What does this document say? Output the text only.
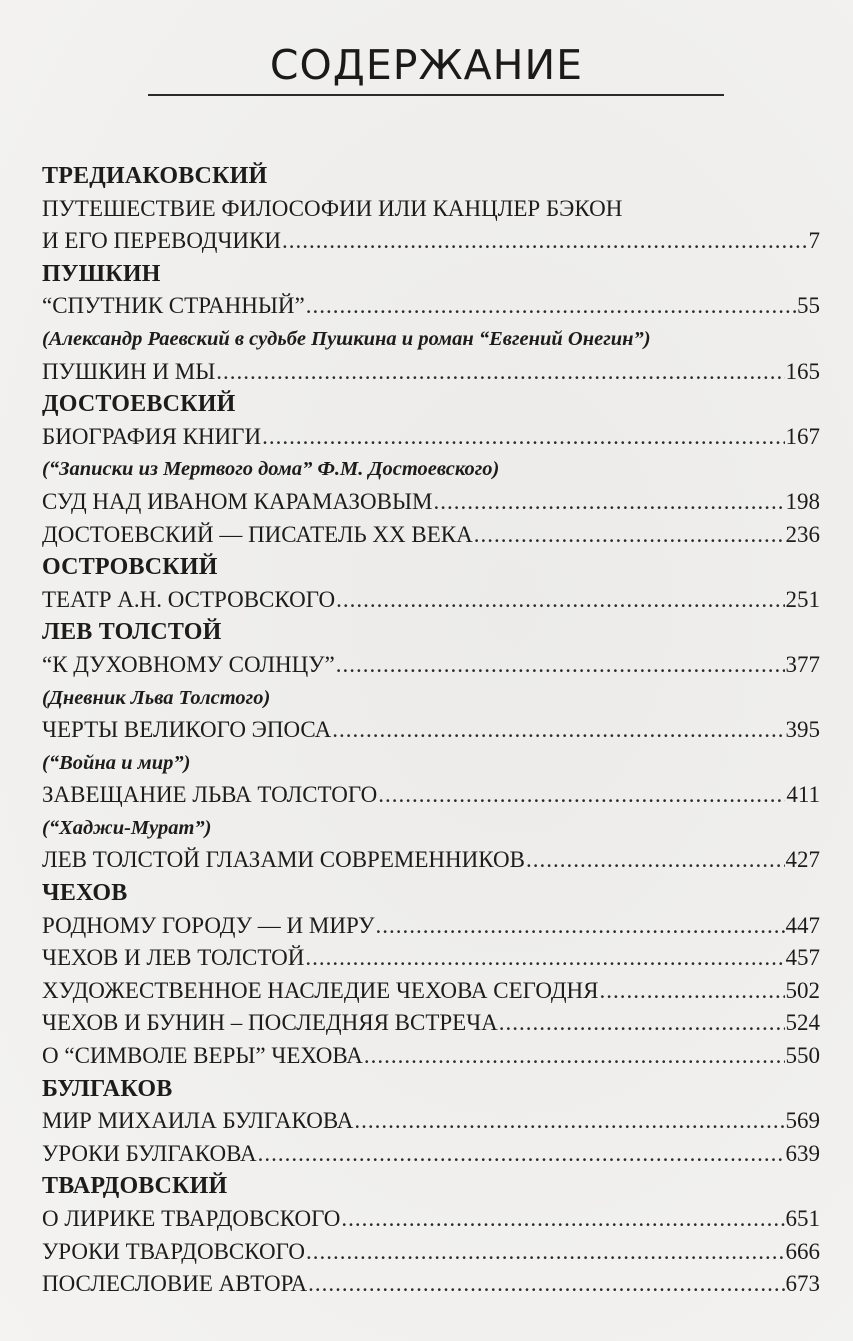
СОДЕРЖАНИЕ
ТРЕДИАКОВСКИЙ
ПУТЕШЕСТВИЕ ФИЛОСОФИИ ИЛИ КАНЦЛЕР БЭКОН
И ЕГО ПЕРЕВОДЧИКИ .....	7
ПУШКИН
“СПУТНИК СТРАННЫЙ” .....	55
(Александр Раевский в судьбе Пушкина и роман “Евгений Онегин”)
ПУШКИН И МЫ .....	165
ДОСТОЕВСКИЙ
БИОГРАФИЯ КНИГИ .....	167
(“Записки из Мертвого дома” Ф.М. Достоевского)
СУД НАД ИВАНОМ КАРАМАЗОВЫМ .....	198
ДОСТОЕВСКИЙ — ПИСАТЕЛЬ XX ВЕКА .....	236
ОСТРОВСКИЙ
ТЕАТР А.Н. ОСТРОВСКОГО .....	251
ЛЕВ ТОЛСТОЙ
“К ДУХОВНОМУ СОЛНЦУ” .....	377
(Дневник Льва Толстого)
ЧЕРТЫ ВЕЛИКОГО ЭПОСА .....	395
(“Война и мир”)
ЗАВЕЩАНИЕ ЛЬВА ТОЛСТОГО .....	411
(“Хаджи-Мурат”)
ЛЕВ ТОЛСТОЙ ГЛАЗАМИ СОВРЕМЕННИКОВ .....	427
ЧЕХОВ
РОДНОМУ ГОРОДУ — И МИРУ .....	447
ЧЕХОВ И ЛЕВ ТОЛСТОЙ .....	457
ХУДОЖЕСТВЕННОЕ НАСЛЕДИЕ ЧЕХОВА СЕГОДНЯ .....	502
ЧЕХОВ И БУНИН – ПОСЛЕДНЯЯ ВСТРЕЧА .....	524
О “СИМВОЛЕ ВЕРЫ” ЧЕХОВА .....	550
БУЛГАКОВ
МИР МИХАИЛА БУЛГАКОВА .....	569
УРОКИ БУЛГАКОВА .....	639
ТВАРДОВСКИЙ
О ЛИРИКЕ ТВАРДОВСКОГО .....	651
УРОКИ ТВАРДОВСКОГО .....	666
ПОСЛЕСЛОВИЕ АВТОРА .....	673
